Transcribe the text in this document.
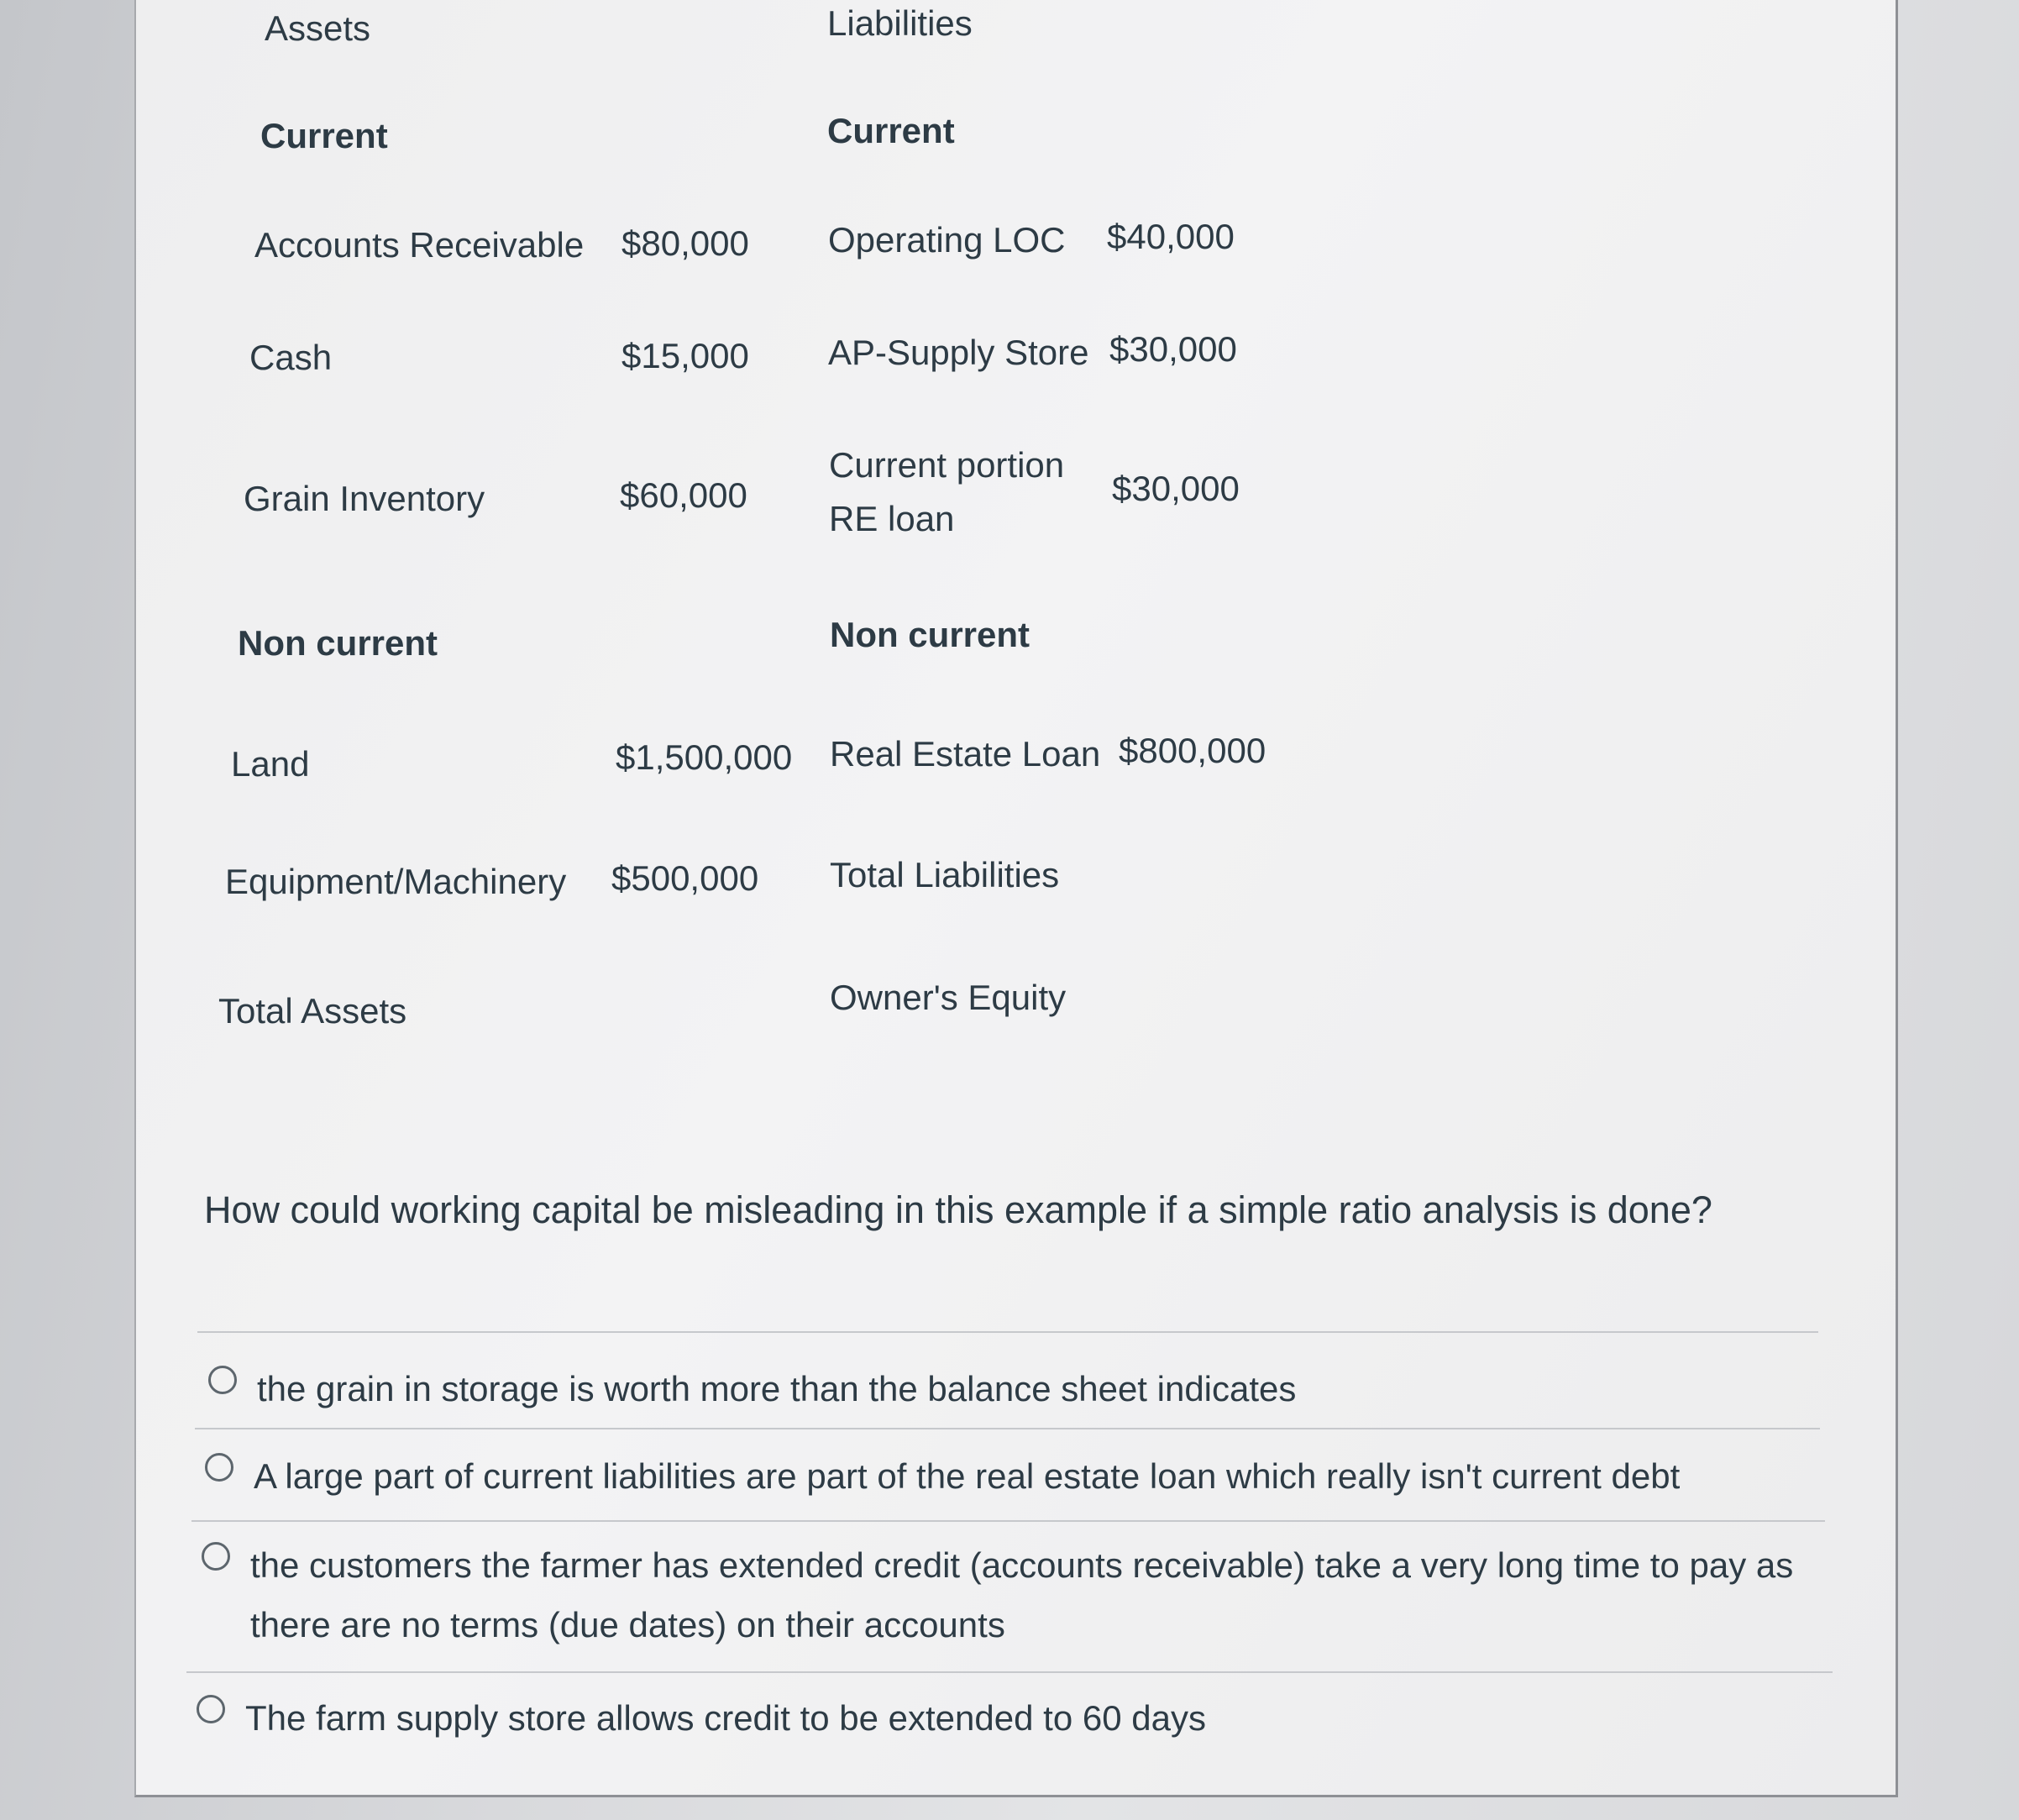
Assets
Current
Accounts Receivable $80,000
Cash	$15,000
Grain Inventory	$60,000
Non current
Land	$1,500,000
Equipment/Machinery $500,000
Total Assets
Liabilities
Current
Operating LOC $40,000
AP-Supply Store $30,000
Current portion
RE loan
$30,000
Non current
Real Estate Loan $800,000
Total Liabilities
Owner's Equity
How could working capital be misleading in this example if a simple ratio analysis is done?
the grain in storage is worth more than the balance sheet indicates
A large part of current liabilities are part of the real estate loan which really isn't current debt
the customers the farmer has extended credit (accounts receivable) take a very long time to pay as
there are no terms (due dates) on their accounts
The farm supply store allows credit to be extended to 60 days
